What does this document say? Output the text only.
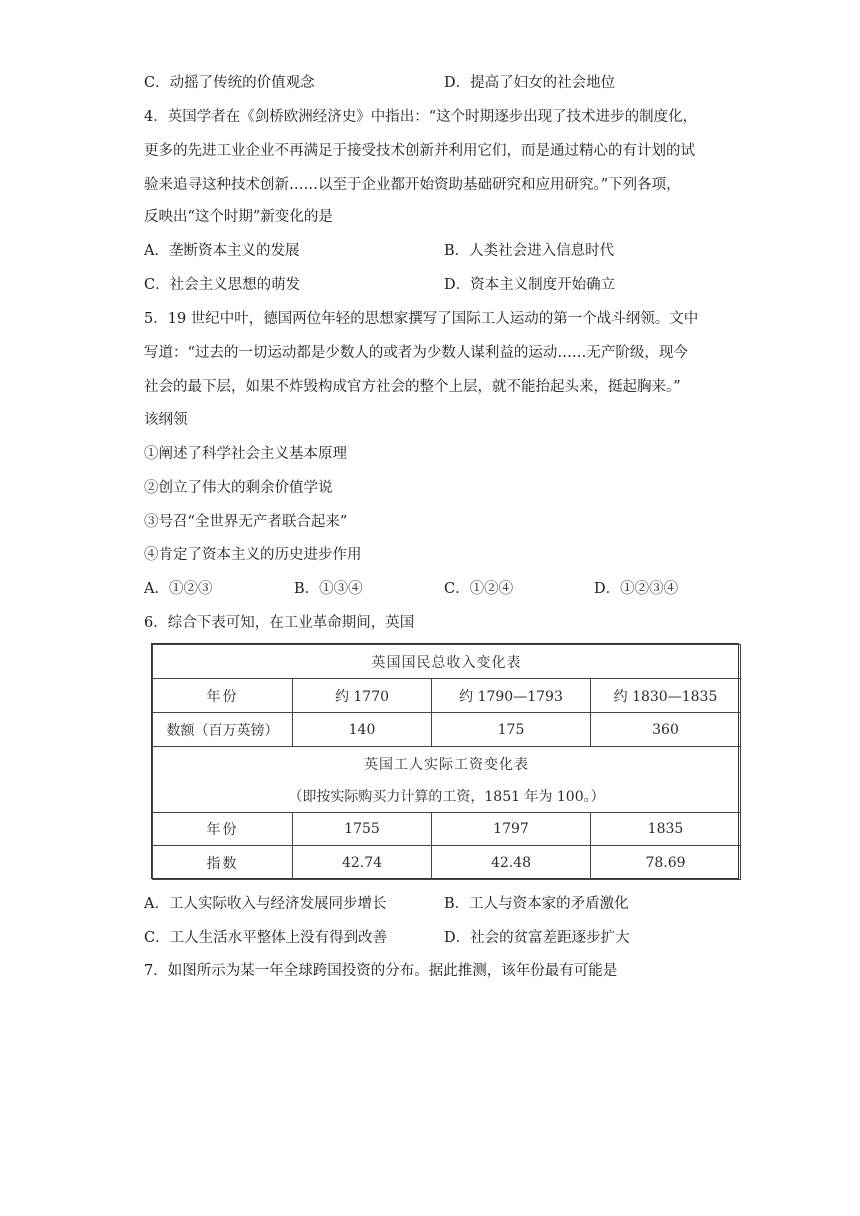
C．动摇了传统的价值观念	D．提高了妇女的社会地位
4．英国学者在《剑桥欧洲经济史》中指出：“这个时期逐步出现了技术进步的制度化，
更多的先进工业企业不再满足于接受技术创新并利用它们，而是通过精心的有计划的试
验来追寻这种技术创新……以至于企业都开始资助基础研究和应用研究。”下列各项，
反映出“这个时期”新变化的是
A．垄断资本主义的发展	B．人类社会进入信息时代
C．社会主义思想的萌发	D．资本主义制度开始确立
5．19 世纪中叶，德国两位年轻的思想家撰写了国际工人运动的第一个战斗纲领。文中
写道：“过去的一切运动都是少数人的或者为少数人谋利益的运动……无产阶级，现今
社会的最下层，如果不炸毁构成官方社会的整个上层，就不能抬起头来，挺起胸来。”
该纲领
①阐述了科学社会主义基本原理
②创立了伟大的剩余价值学说
③号召“全世界无产者联合起来”
④肯定了资本主义的历史进步作用
A．①②③	B．①③④	C．①②④	D．①②③④
6．综合下表可知，在工业革命期间，英国
英国国民总收入变化表			
年份	约 1770	约 1790—1793	约 1830—1835
数额（百万英镑）	140	175	360
英国工人实际工资变化表			
（即按实际购买力计算的工资，1851 年为 100。）			
年份	1755	1797	1835
指数	42.74	42.48	78.69
A．工人实际收入与经济发展同步增长	B．工人与资本家的矛盾激化
C．工人生活水平整体上没有得到改善	D．社会的贫富差距逐步扩大
7．如图所示为某一年全球跨国投资的分布。据此推测，该年份最有可能是
